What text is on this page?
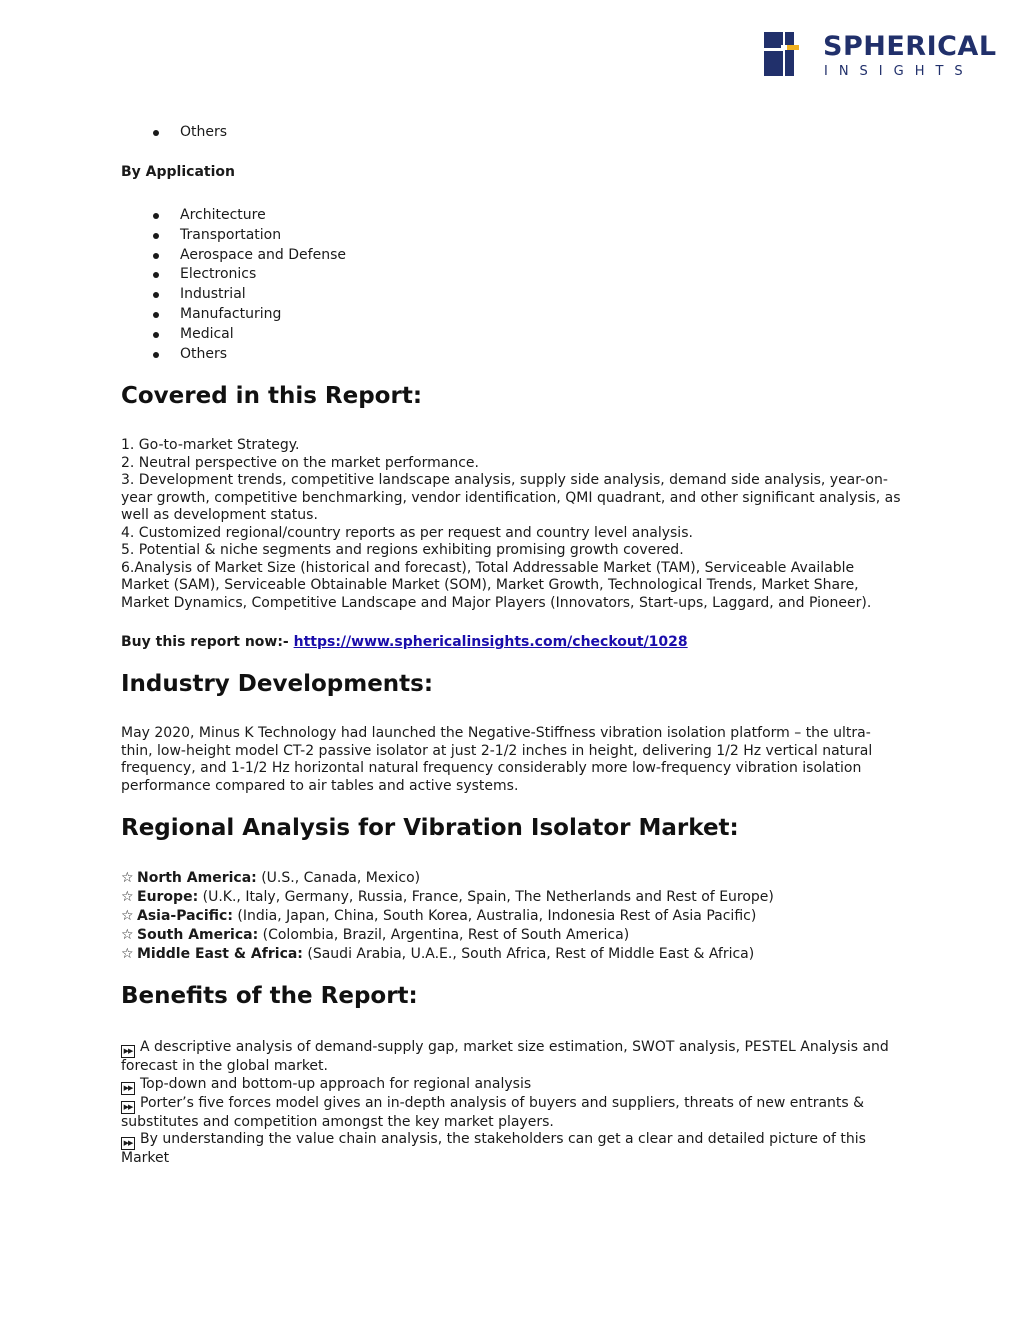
SPHERICAL
INSIGHTS
Others
By Application
Architecture
Transportation
Aerospace and Defense
Electronics
Industrial
Manufacturing
Medical
Others
Covered in this Report:

1. Go-to-market Strategy.

2. Neutral perspective on the market performance.

3. Development trends, competitive landscape analysis, supply side analysis, demand side analysis, year-on-year growth, competitive benchmarking, vendor identification, QMI quadrant, and other significant analysis, as well as development status.

4. Customized regional/country reports as per request and country level analysis.

5. Potential & niche segments and regions exhibiting promising growth covered.

6.Analysis of Market Size (historical and forecast), Total Addressable Market (TAM), Serviceable Available Market (SAM), Serviceable Obtainable Market (SOM), Market Growth, Technological Trends, Market Share, Market Dynamics, Competitive Landscape and Major Players (Innovators, Start-ups, Laggard, and Pioneer).

Buy this report now:- https://www.sphericalinsights.com/checkout/1028
Industry Developments:

May 2020, Minus K Technology had launched the Negative-Stiffness vibration isolation platform – the ultra-thin, low-height model CT-2 passive isolator at just 2-1/2 inches in height, delivering 1/2 Hz vertical natural frequency, and 1-1/2 Hz horizontal natural frequency considerably more low-frequency vibration isolation performance compared to air tables and active systems.

Regional Analysis for Vibration Isolator Market:
☆ North America: (U.S., Canada, Mexico)
☆ Europe: (U.K., Italy, Germany, Russia, France, Spain, The Netherlands and Rest of Europe)
☆ Asia-Pacific: (India, Japan, China, South Korea, Australia, Indonesia Rest of Asia Pacific)
☆ South America: (Colombia, Brazil, Argentina, Rest of South America)
☆ Middle East & Africa: (Saudi Arabia, U.A.E., South Africa, Rest of Middle East & Africa)
Benefits of the Report:

▶▶ A descriptive analysis of demand-supply gap, market size estimation, SWOT analysis, PESTEL Analysis and forecast in the global market.

▶▶ Top-down and bottom-up approach for regional analysis

▶▶ Porter’s five forces model gives an in-depth analysis of buyers and suppliers, threats of new entrants & substitutes and competition amongst the key market players.

▶▶ By understanding the value chain analysis, the stakeholders can get a clear and detailed picture of this Market
